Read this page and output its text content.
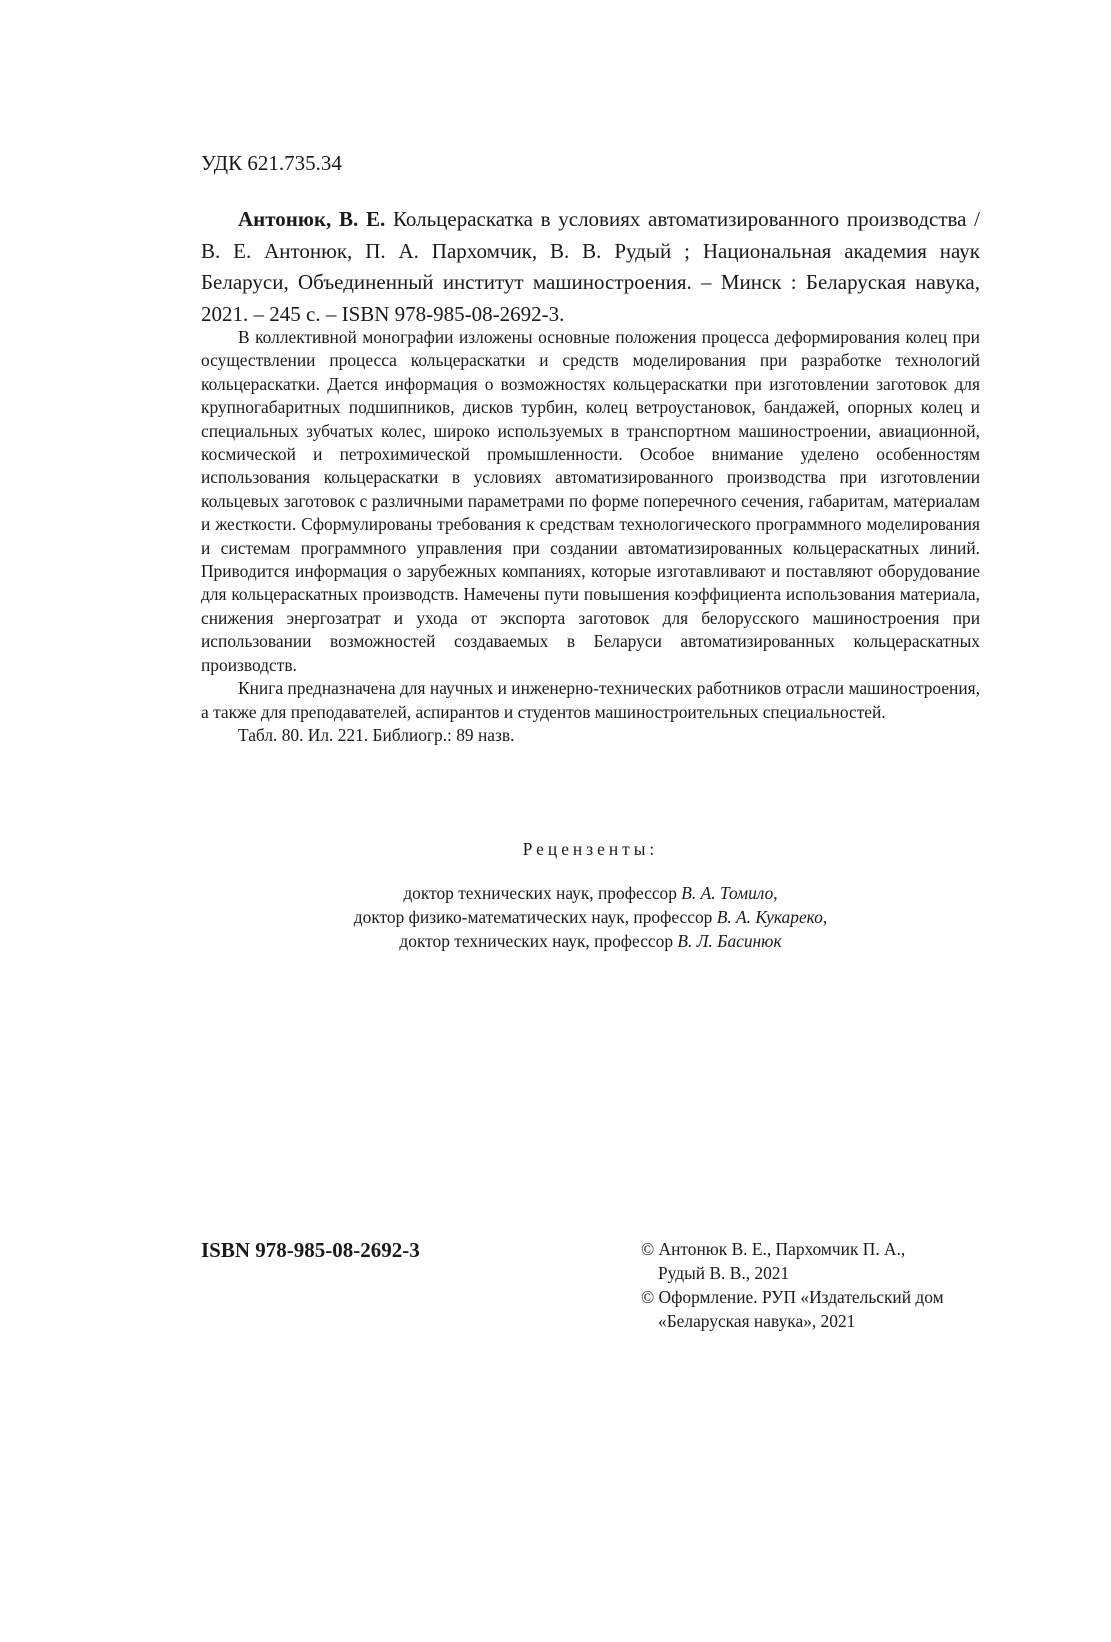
УДК 621.735.34

Антонюк, В. Е. Кольцераскатка в условиях автоматизированного производства / В. Е. Антонюк, П. А. Пархомчик, В. В. Рудый ; Национальная академия наук Беларуси, Объединенный институт машиностроения. – Минск : Беларуская навука, 2021. – 245 с. – ISBN 978-985-08-2692-3.

В коллективной монографии изложены основные положения процесса деформирования колец при осуществлении процесса кольцераскатки и средств моделирования при разработке технологий кольцераскатки. Дается информация о возможностях кольцераскатки при изготовлении заготовок для крупногабаритных подшипников, дисков турбин, колец ветроустановок, бандажей, опорных колец и специальных зубчатых колес, широко используемых в транспортном машиностроении, авиационной, космической и петрохимической промышленности. Особое внимание уделено особенностям использования кольцераскатки в условиях автоматизированного производства при изготовлении кольцевых заготовок с различными параметрами по форме поперечного сечения, габаритам, материалам и жесткости. Сформулированы требования к средствам технологического программного моделирования и системам программного управления при создании автоматизированных кольцераскатных линий. Приводится информация о зарубежных компаниях, которые изготавливают и поставляют оборудование для кольцераскатных производств. Намечены пути повышения коэффициента использования материала, снижения энергозатрат и ухода от экспорта заготовок для белорусского машиностроения при использовании возможностей создаваемых в Беларуси автоматизированных кольцераскатных производств.

Книга предназначена для научных и инженерно-технических работников отрасли машиностроения, а также для преподавателей, аспирантов и студентов машиностроительных специальностей.

Табл. 80. Ил. 221. Библиогр.: 89 назв.

Рецензенты:

доктор технических наук, профессор В. А. Томило,

доктор физико-математических наук, профессор В. А. Кукареко,

доктор технических наук, профессор В. Л. Басинюк

ISBN 978-985-08-2692-3	© Антонюк В. Е., Пархомчик П. А.,

Рудый В. В., 2021

© Оформление. РУП «Издательский дом

«Беларуская навука», 2021
